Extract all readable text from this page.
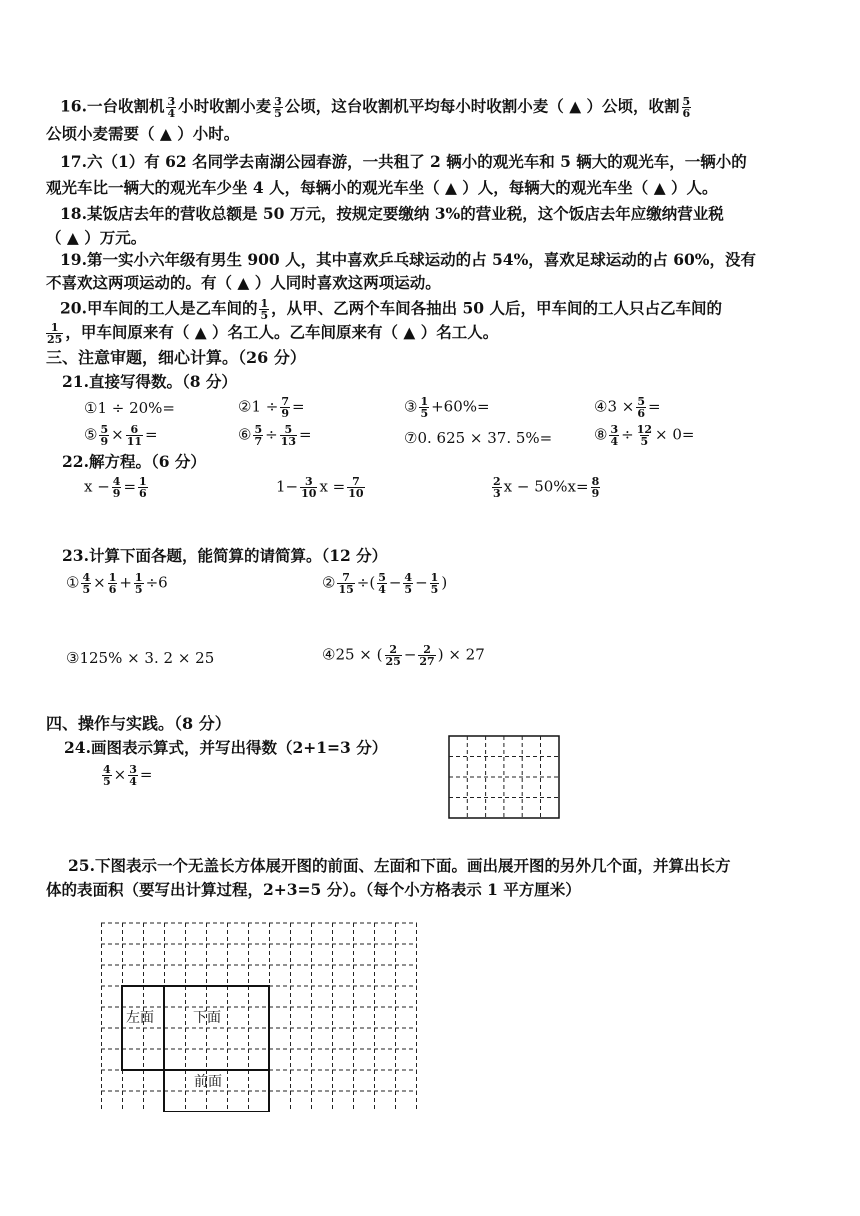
16.一台收割机 $\frac{3}{4}$ 小时收割小麦 $\frac{3}{5}$ 公顷，这台收割机平均每小时收割小麦（ ▲ ）公顷，收割 $\frac{5}{6}$
公顷小麦需要（ ▲ ）小时。
17.六（1）有 62 名同学去南湖公园春游，一共租了 2 辆小的观光车和 5 辆大的观光车，一辆小的
观光车比一辆大的观光车少坐 4 人，每辆小的观光车坐（ ▲ ）人，每辆大的观光车坐（ ▲ ）人。
18.某饭店去年的营收总额是 50 万元，按规定要缴纳 3%的营业税，这个饭店去年应缴纳营业税
（ ▲ ）万元。
19.第一实小六年级有男生 900 人，其中喜欢乒乓球运动的占 54%，喜欢足球运动的占 60%，没有
不喜欢这两项运动的。有（ ▲ ）人同时喜欢这两项运动。
20.甲车间的工人是乙车间的 $\frac{1}{5}$ ，从甲、乙两个车间各抽出 50 人后，甲车间的工人只占乙车间的
$\frac{1}{25}$ ，甲车间原来有（ ▲ ）名工人。乙车间原来有（ ▲ ）名工人。
三、注意审题，细心计算。（26 分）
21.直接写得数。（8 分）
①1 ÷ 20%=	②1 ÷ $\frac{7}{9}$ =	③ $\frac{1}{5} +60\%=$	④3 × $\frac{5}{6}$ =
⑤ $\frac{5}{9} \times \frac{6}{11}$ =	⑥ $\frac{5}{7} \div \frac{5}{13}$ =	⑦0. 625 × 37. 5%=	⑧ $\frac{3}{4} \div \frac{12}{5} \times 0=$
22.解方程。（6 分）
$x - \frac{4}{9} = \frac{1}{6}$	$1- \frac{3}{10}$ $x = \frac{7}{10}$	$\frac{2}{3}$ $x - 50\%x= \frac{8}{9}$
23.计算下面各题，能简算的请简算。（12 分）
① $\frac{4}{5} \times \frac{1}{6} + \frac{1}{5} \div 6$	② $\frac{7}{15}$ ÷( $\frac{5}{4} - \frac{4}{5} - \frac{1}{5}$ )
③125% × 3. 2 × 25	④25 × ( $\frac{2}{25} - \frac{2}{27}$ ) × 27
四、操作与实践。（8 分）
24.画图表示算式，并写出得数（2+1=3 分）
$\frac{4}{5} \times \frac{3}{4}$ =
25.下图表示一个无盖长方体展开图的前面、左面和下面。画出展开图的另外几个面，并算出长方
体的表面积（要写出计算过程，2+3=5 分）。（每个小方格表示 1 平方厘米）
左面	下面
前面
